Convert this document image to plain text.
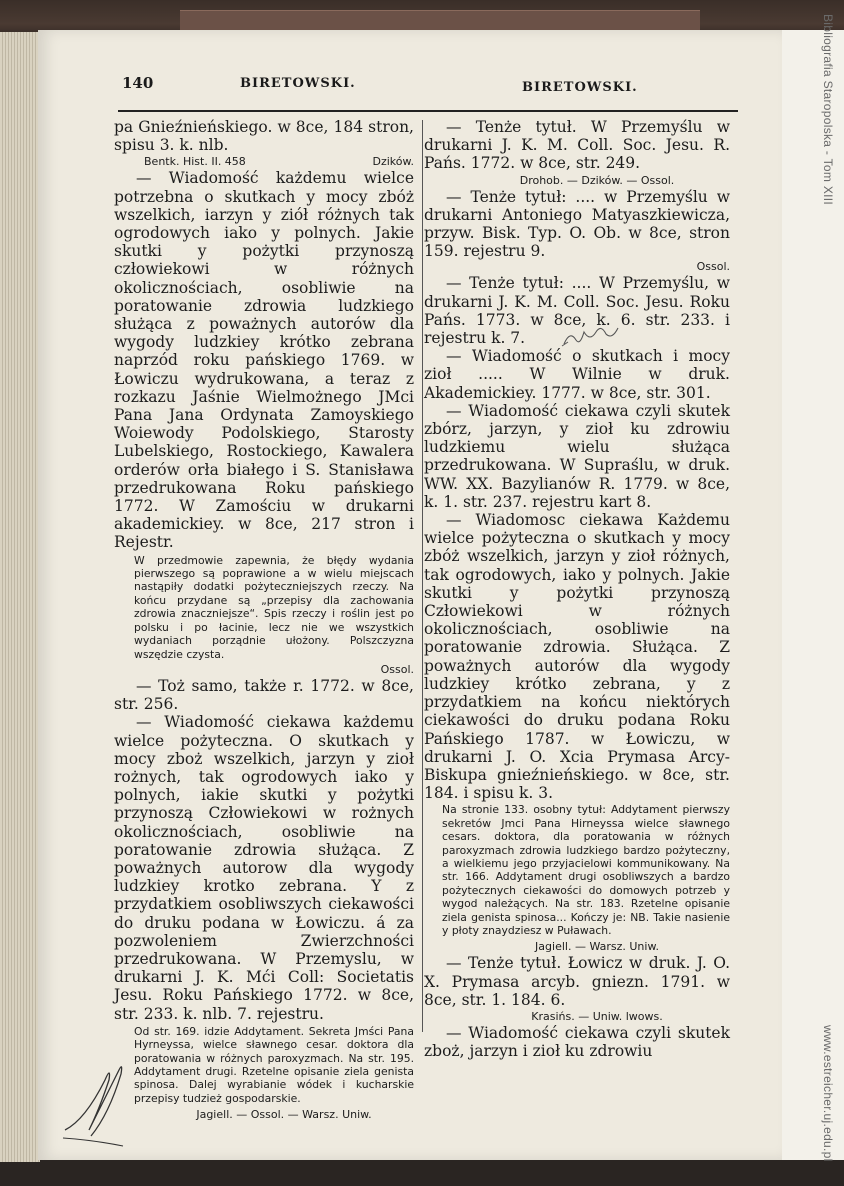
Bibliografia Staropolska - Tom XIII
www.estreicher.uj.edu.pl
140	BIRETOWSKI.	BIRETOWSKI.

pa Gnieźnieńskiego. w 8ce, 184 stron, spisu 3. k. nlb.

Bentk. Hist. II. 458	Dzików.

— Wiadomość każdemu wielce potrzebna o skutkach y mocy zbóż wszelkich, iarzyn y ziół różnych tak ogrodowych iako y polnych. Jakie skutki y pożytki przynoszą człowiekowi w różnych okolicznościach, osobliwie na poratowanie zdrowia ludzkiego służąca z poważnych autorów dla wygody ludzkiey krótko zebrana naprzód roku pańskiego 1769. w Łowiczu wydrukowana, a teraz z rozkazu Jaśnie Wielmożnego JMci Pana Jana Ordynata Zamoyskiego Woiewody Podolskiego, Starosty Lubelskiego, Rostockiego, Kawalera orderów orła białego i S. Stanisława przedrukowana Roku pańskiego 1772. W Zamościu w drukarni akademickiey. w 8ce, 217 stron i Rejestr.

W przedmowie zapewnia, że błędy wydania pierwszego są poprawione a w wielu miejscach nastąpiły dodatki pożyteczniejszych rzeczy. Na końcu przydane są „przepisy dla zachowania zdrowia znaczniejsze“. Spis rzeczy i roślin jest po polsku i po łacinie, lecz nie we wszystkich wydaniach porządnie ułożony. Polszczyzna wszędzie czysta.

Ossol.

— Toż samo, także r. 1772. w 8ce, str. 256.

— Wiadomość ciekawa każdemu wielce pożyteczna. O skutkach y mocy zboż wszelkich, jarzyn y zioł rożnych, tak ogrodowych iako y polnych, iakie skutki y pożytki przynoszą Człowiekowi w rożnych okolicznościach, osobliwie na poratowanie zdrowia służąca. Z poważnych autorow dla wygody ludzkiey krotko zebrana. Y z przydatkiem osobliwszych ciekawości do druku podana w Łowiczu. á za pozwoleniem Zwierzchności przedrukowana. W Przemyslu, w drukarni J. K. Mći Coll: Societatis Jesu. Roku Pańskiego 1772. w 8ce, str. 233. k. nlb. 7. rejestru.

Od str. 169. idzie Addytament. Sekreta Jmści Pana Hyrneyssa, wielce sławnego cesar. doktora dla poratowania w różnych paroxyzmach. Na str. 195. Addytament drugi. Rzetelne opisanie ziela genista spinosa. Dalej wyrabianie wódek i kucharskie przepisy tudzież gospodarskie.

Jagiell. — Ossol. — Warsz. Uniw.

— Tenże tytuł. W Przemyślu w drukarni J. K. M. Coll. Soc. Jesu. R. Pańs. 1772. w 8ce, str. 249.

Drohob. — Dzików. — Ossol.

— Tenże tytuł: .... w Przemyślu w drukarni Antoniego Matyaszkiewicza, przyw. Bisk. Typ. O. Ob. w 8ce, stron 159. rejestru 9.

Ossol.

— Tenże tytuł: .... W Przemyślu, w drukarni J. K. M. Coll. Soc. Jesu. Roku Pańs. 1773. w 8ce, k. 6. str. 233. i rejestru k. 7.

— Wiadomość o skutkach i mocy zioł ..... W Wilnie w druk. Akademickiey. 1777. w 8ce, str. 301.

— Wiadomość ciekawa czyli skutek zbórz, jarzyn, y zioł ku zdrowiu ludzkiemu wielu służąca przedrukowana. W Supraślu, w druk. WW. XX. Bazylianów R. 1779. w 8ce, k. 1. str. 237. rejestru kart 8.

— Wiadomosc ciekawa Każdemu wielce pożyteczna o skutkach y mocy zbóż wszelkich, jarzyn y zioł różnych, tak ogrodowych, iako y polnych. Jakie skutki y pożytki przynoszą Człowiekowi w różnych okolicznościach, osobliwie na poratowanie zdrowia. Służąca. Z poważnych autorów dla wygody ludzkiey krótko zebrana, y z przydatkiem na końcu niektórych ciekawości do druku podana Roku Pańskiego 1787. w Łowiczu, w drukarni J. O. Xcia Prymasa Arcy-Biskupa gnieźnieńskiego. w 8ce, str. 184. i spisu k. 3.

Na stronie 133. osobny tytuł: Addytament pierwszy sekretów Jmci Pana Hirneyssa wielce sławnego cesars. doktora, dla poratowania w różnych paroxyzmach zdrowia ludzkiego bardzo pożyteczny, a wielkiemu jego przyjacielowi kommunikowany. Na str. 166. Addytament drugi osobliwszych a bardzo pożytecznych ciekawości do domowych potrzeb y wygod należących. Na str. 183. Rzetelne opisanie ziela genista spinosa... Kończy je: NB. Takie nasienie y płoty znaydziesz w Puławach.

Jagiell. — Warsz. Uniw.

— Tenże tytuł. Łowicz w druk. J. O. X. Prymasa arcyb. gniezn. 1791. w 8ce, str. 1. 184. 6.

Krasińs. — Uniw. lwows.

— Wiadomość ciekawa czyli skutek zboż, jarzyn i zioł ku zdrowiu
